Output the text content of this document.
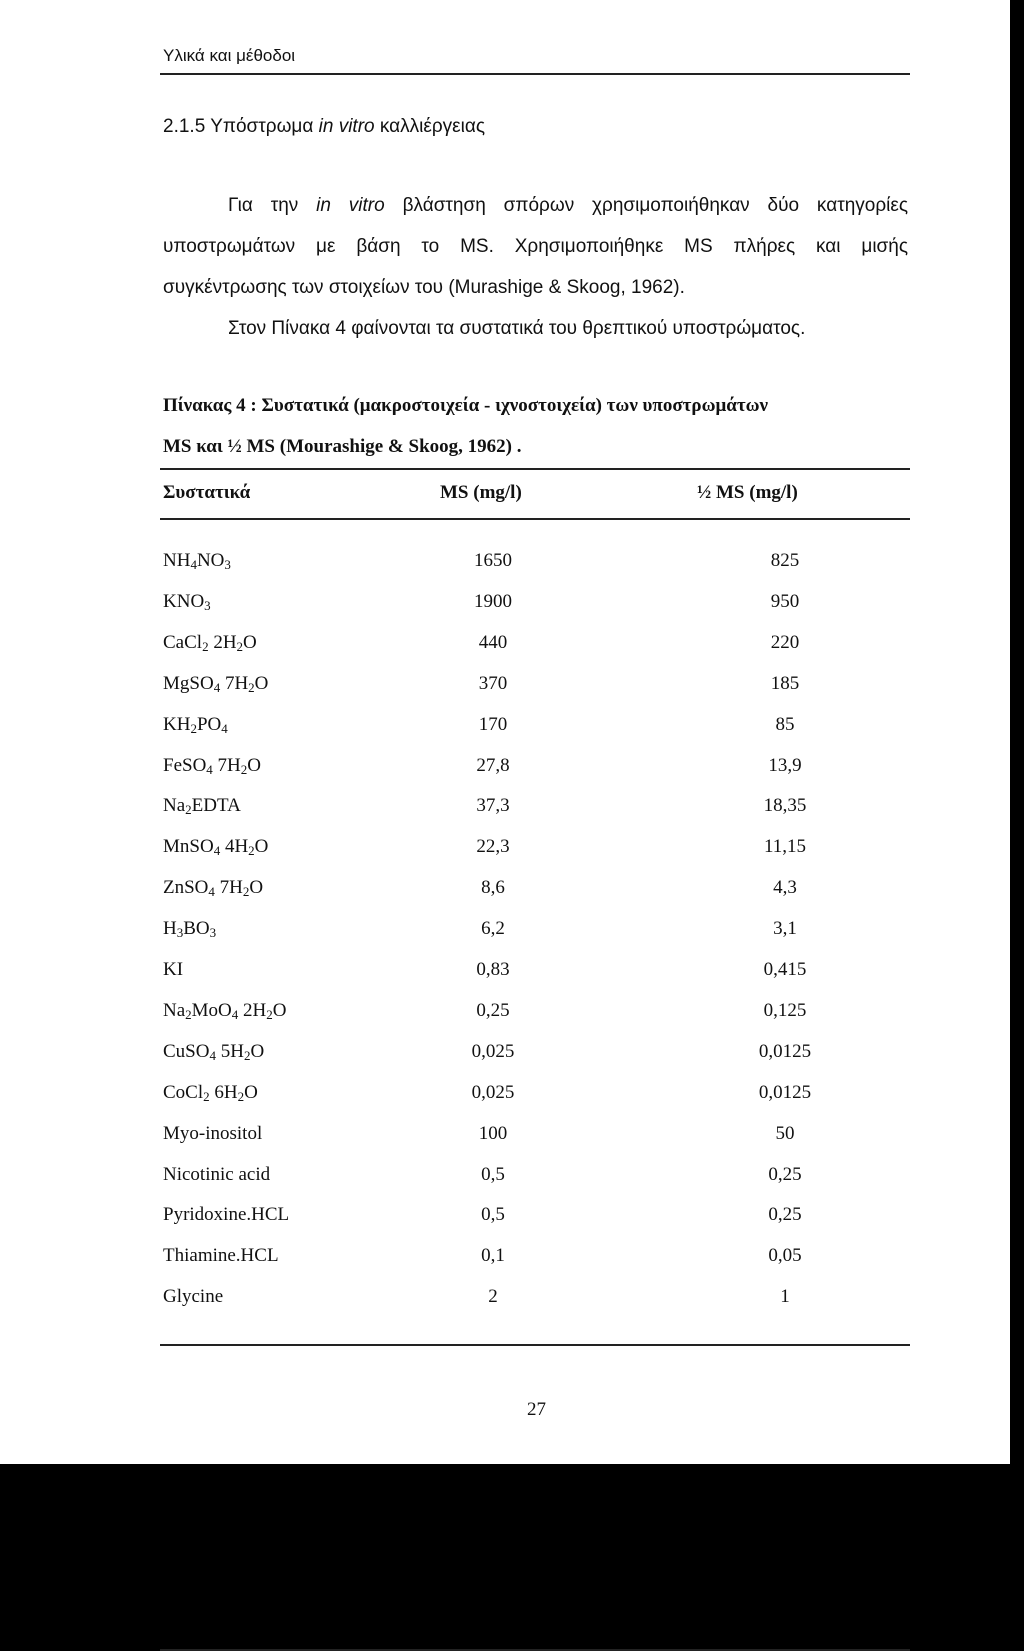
Υλικά και μέθοδοι
2.1.5 Υπόστρωμα in vitro καλλιέργειας
Για την in vitro βλάστηση σπόρων χρησιμοποιήθηκαν δύο κατηγορίες
υποστρωμάτων με βάση το MS. Χρησιμοποιήθηκε MS πλήρες και μισής
συγκέντρωσης των στοιχείων του (Murashige & Skoog, 1962).
Στον Πίνακα 4 φαίνονται τα συστατικά του θρεπτικού υποστρώματος.
Πίνακας 4 : Συστατικά (μακροστοιχεία - ιχνοστοιχεία) των υποστρωμάτων
MS και ½ MS (Mourashige & Skoog, 1962) .
Συστατικά	MS (mg/l)	½ MS (mg/l)
$NH_4NO_3$	1650	825
$KNO_3$	1900	950
CaCl$_2$ $2H_2O$	440	220
MgSO$_4$ $7H_2O$	370	185
$KH_2PO_4$	170	85
FeSO$_4$ $7H_2O$	27,8	13,9
$Na_2EDTA$	37,3	18,35
MnSO$_4$ $4H_2O$	22,3	11,15
ZnSO$_4$ $7H_2O$	8,6	4,3
$H_3BO_3$	6,2	3,1
KI	0,83	0,415
$Na_2MoO_4$ $2H_2O$	0,25	0,125
CuSO$_4$ $5H_2O$	0,025	0,0125
CoCl$_2$ $6H_2O$	0,025	0,0125
Myo-inositol	100	50
Nicotinic acid	0,5	0,25
Pyridoxine.HCL	0,5	0,25
Thiamine.HCL	0,1	0,05
Glycine	2	1
27
